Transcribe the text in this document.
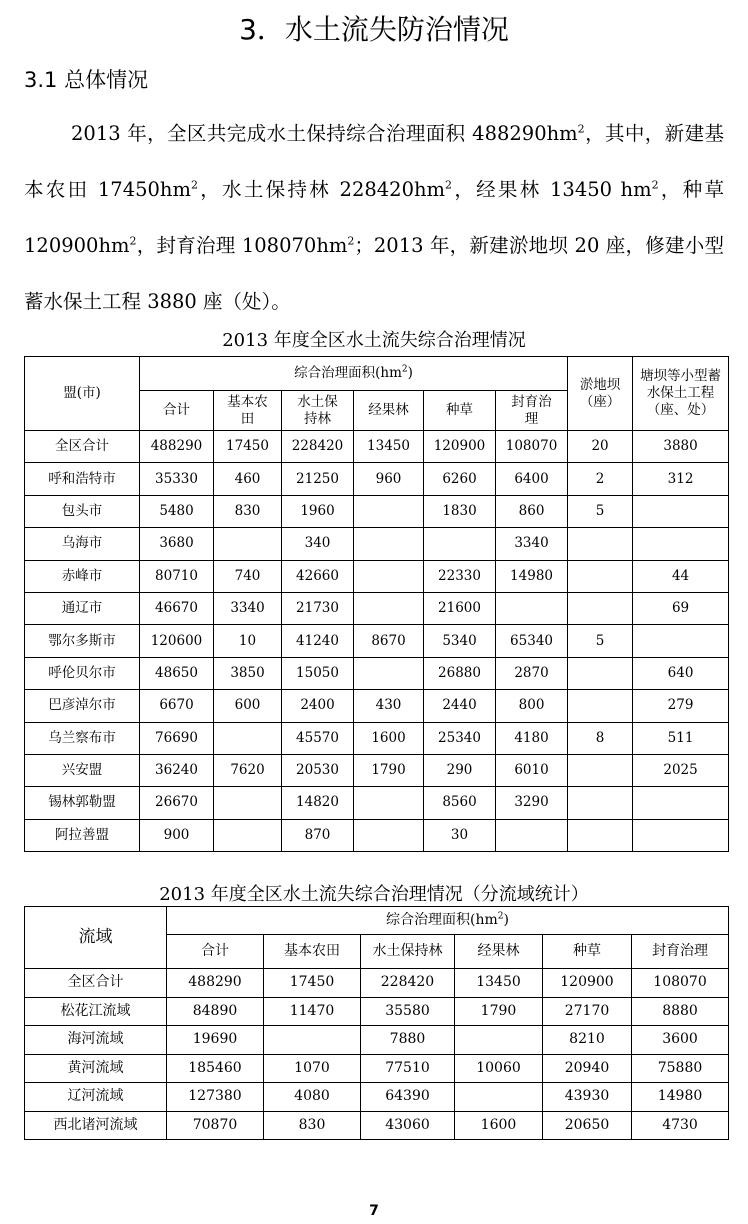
3．水土流失防治情况
3.1 总体情况
2013 年，全区共完成水土保持综合治理面积 $488290hm^2$，其中，新建基本农田 $17450hm^2$，水土保持林 $228420hm^2$，经果林 13450 $hm^2$，种草 $120900hm^2$，封育治理 $108070hm^2$；2013 年，新建淤地坝 20 座，修建小型蓄水保土工程 3880 座（处）。
2013 年度全区水土流失综合治理情况
盟(市)	综合治理面积$(hm^2)$						淤地坝（座）	塘坝等小型蓄水保土工程（座、处）
	合计	基本农田	水土保持林	经果林	种草	封育治理		
全区合计	488290	17450	228420	13450	120900	108070	20	3880
呼和浩特市	35330	460	21250	960	6260	6400	2	312
包头市	5480	830	1960		1830	860	5	
乌海市	3680		340			3340		
赤峰市	80710	740	42660		22330	14980		44
通辽市	46670	3340	21730		21600			69
鄂尔多斯市	120600	10	41240	8670	5340	65340	5	
呼伦贝尔市	48650	3850	15050		26880	2870		640
巴彦淖尔市	6670	600	2400	430	2440	800		279
乌兰察布市	76690		45570	1600	25340	4180	8	511
兴安盟	36240	7620	20530	1790	290	6010		2025
锡林郭勒盟	26670		14820		8560	3290		
阿拉善盟	900		870		30			
2013 年度全区水土流失综合治理情况（分流域统计）
流域	综合治理面积$(hm^2)$					
	合计	基本农田	水土保持林	经果林	种草	封育治理
全区合计	488290	17450	228420	13450	120900	108070
松花江流域	84890	11470	35580	1790	27170	8880
海河流域	19690		7880		8210	3600
黄河流域	185460	1070	77510	10060	20940	75880
辽河流域	127380	4080	64390		43930	14980
西北诸河流域	70870	830	43060	1600	20650	4730
7
